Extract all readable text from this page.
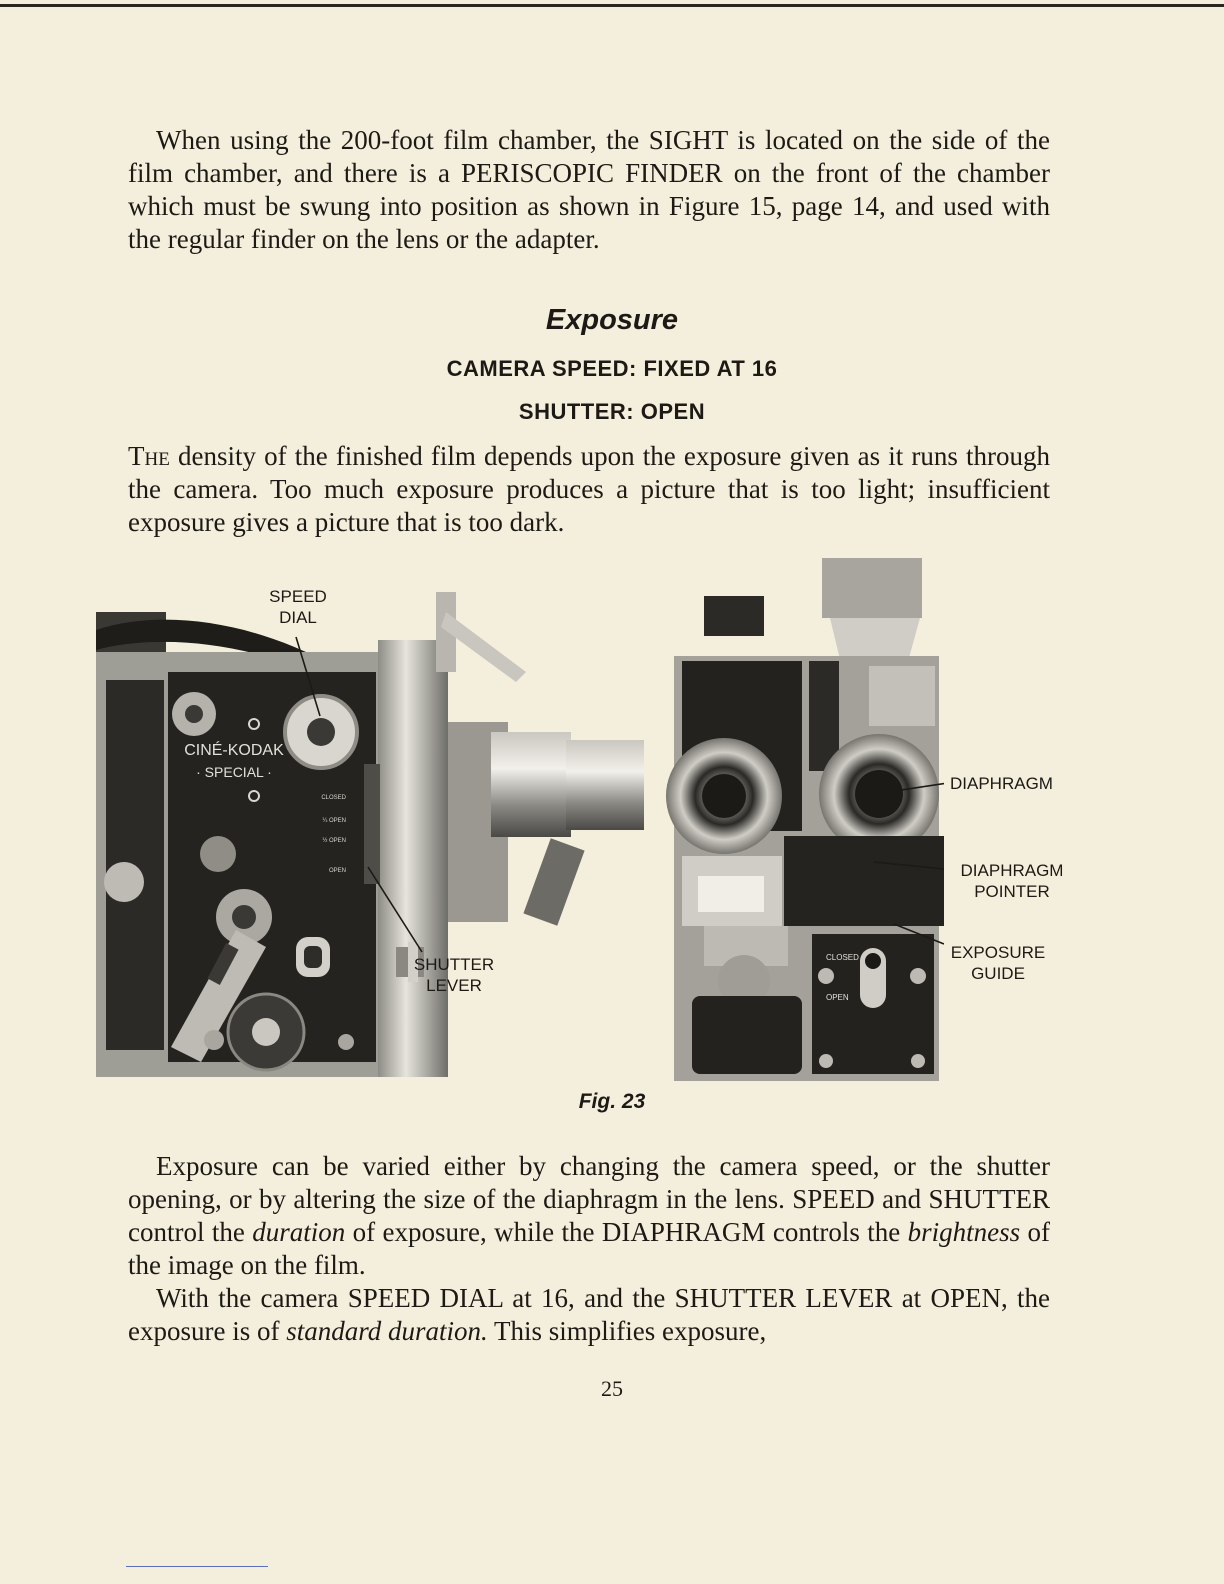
When using the 200-foot film chamber, the SIGHT is located on the side of the film chamber, and there is a PERISCOPIC FINDER on the front of the chamber which must be swung into position as shown in Figure 15, page 14, and used with the regular finder on the lens or the adapter.

Exposure
CAMERA SPEED: FIXED AT 16
SHUTTER: OPEN

The density of the finished film depends upon the exposure given as it runs through the camera. Too much exposure produces a picture that is too light; insufficient exposure gives a picture that is too dark.

CINÉ-KODAK
· SPECIAL ·
CLOSED
¼ OPEN
½ OPEN
OPEN
SPEED
DIAL
SHUTTER
LEVER
CLOSED
OPEN
DIAPHRAGM
DIAPHRAGM
POINTER
EXPOSURE
GUIDE
Fig. 23

Exposure can be varied either by changing the camera speed, or the shutter opening, or by altering the size of the diaphragm in the lens. SPEED and SHUTTER control the duration of exposure, while the DIAPHRAGM controls the brightness of the image on the film.

With the camera SPEED DIAL at 16, and the SHUTTER LEVER at OPEN, the exposure is of standard duration. This simplifies exposure,

25
